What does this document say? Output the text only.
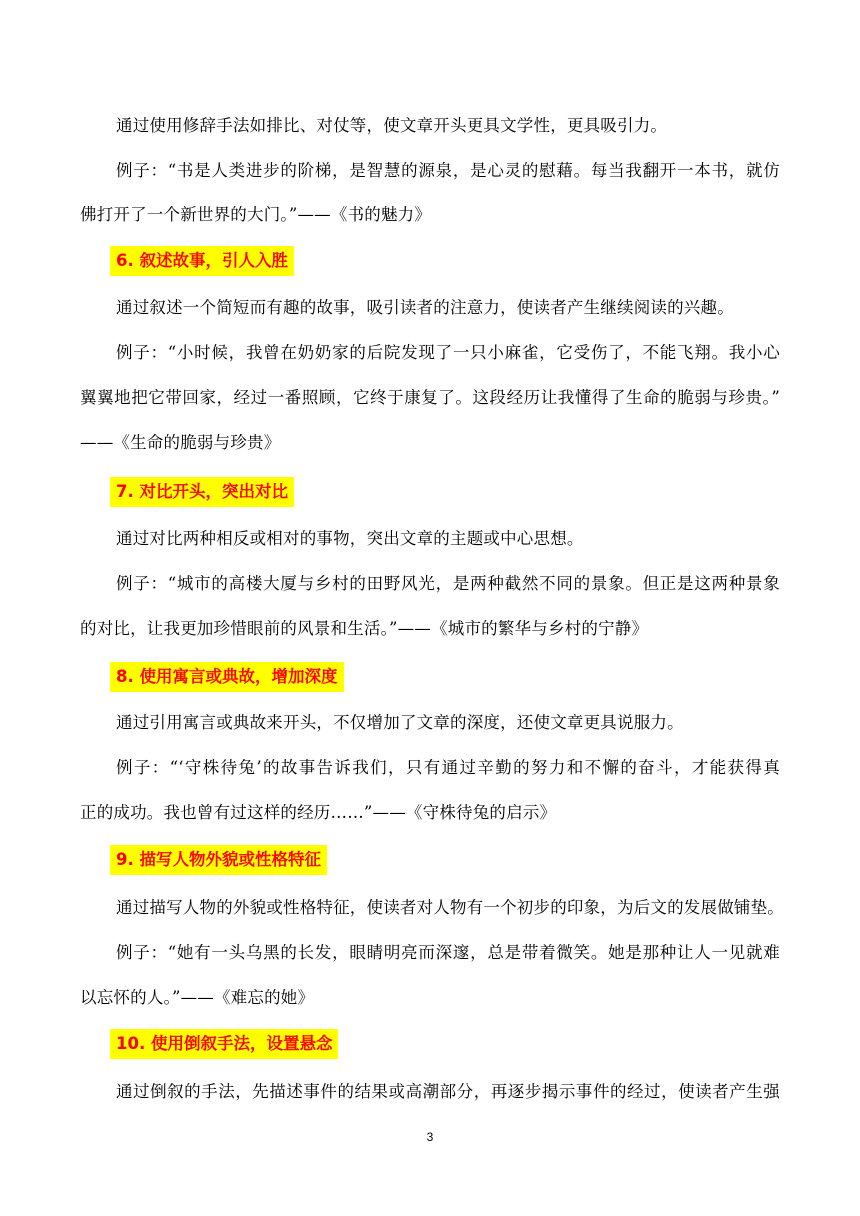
通过使用修辞手法如排比、对仗等，使文章开头更具文学性，更具吸引力。
例子：“书是人类进步的阶梯，是智慧的源泉，是心灵的慰藉。每当我翻开一本书，就仿
佛打开了一个新世界的大门。”——《书的魅力》
6. 叙述故事，引人入胜
通过叙述一个简短而有趣的故事，吸引读者的注意力，使读者产生继续阅读的兴趣。
例子：“小时候，我曾在奶奶家的后院发现了一只小麻雀，它受伤了，不能飞翔。我小心
翼翼地把它带回家，经过一番照顾，它终于康复了。这段经历让我懂得了生命的脆弱与珍贵。”
——《生命的脆弱与珍贵》
7. 对比开头，突出对比
通过对比两种相反或相对的事物，突出文章的主题或中心思想。
例子：“城市的高楼大厦与乡村的田野风光，是两种截然不同的景象。但正是这两种景象
的对比，让我更加珍惜眼前的风景和生活。”——《城市的繁华与乡村的宁静》
8. 使用寓言或典故，增加深度
通过引用寓言或典故来开头，不仅增加了文章的深度，还使文章更具说服力。
例子：“‘守株待兔’的故事告诉我们，只有通过辛勤的努力和不懈的奋斗，才能获得真
正的成功。我也曾有过这样的经历……”——《守株待兔的启示》
9. 描写人物外貌或性格特征
通过描写人物的外貌或性格特征，使读者对人物有一个初步的印象，为后文的发展做铺垫。
例子：“她有一头乌黑的长发，眼睛明亮而深邃，总是带着微笑。她是那种让人一见就难
以忘怀的人。”——《难忘的她》
10. 使用倒叙手法，设置悬念
通过倒叙的手法，先描述事件的结果或高潮部分，再逐步揭示事件的经过，使读者产生强
3
